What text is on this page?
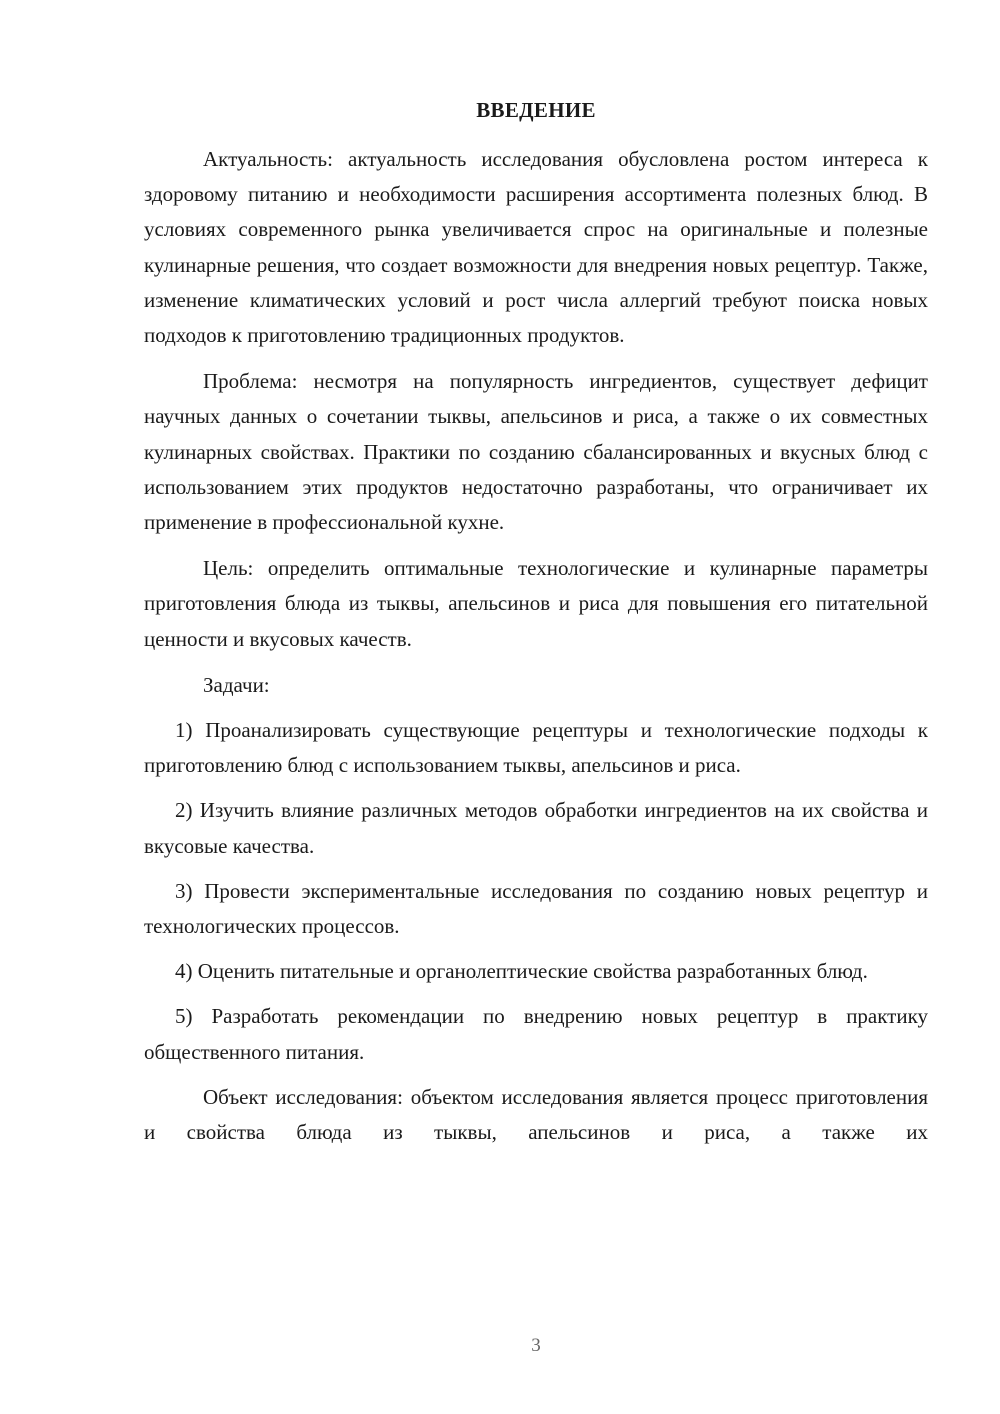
ВВЕДЕНИЕ

Актуальность: актуальность исследования обусловлена ростом интереса к здоровому питанию и необходимости расширения ассортимента полезных блюд. В условиях современного рынка увеличивается спрос на оригинальные и полезные кулинарные решения, что создает возможности для внедрения новых рецептур. Также, изменение климатических условий и рост числа аллергий требуют поиска новых подходов к приготовлению традиционных продуктов.

Проблема: несмотря на популярность ингредиентов, существует дефицит научных данных о сочетании тыквы, апельсинов и риса, а также о их совместных кулинарных свойствах. Практики по созданию сбалансированных и вкусных блюд с использованием этих продуктов недостаточно разработаны, что ограничивает их применение в профессиональной кухне.

Цель: определить оптимальные технологические и кулинарные параметры приготовления блюда из тыквы, апельсинов и риса для повышения его питательной ценности и вкусовых качеств.

Задачи:

1) Проанализировать существующие рецептуры и технологические подходы к приготовлению блюд с использованием тыквы, апельсинов и риса.

2) Изучить влияние различных методов обработки ингредиентов на их свойства и вкусовые качества.

3) Провести экспериментальные исследования по созданию новых рецептур и технологических процессов.

4) Оценить питательные и органолептические свойства разработанных блюд.

5) Разработать рекомендации по внедрению новых рецептур в практику общественного питания.

Объект исследования: объектом исследования является процесс приготовления и свойства блюда из тыквы, апельсинов и риса, а также их

3
